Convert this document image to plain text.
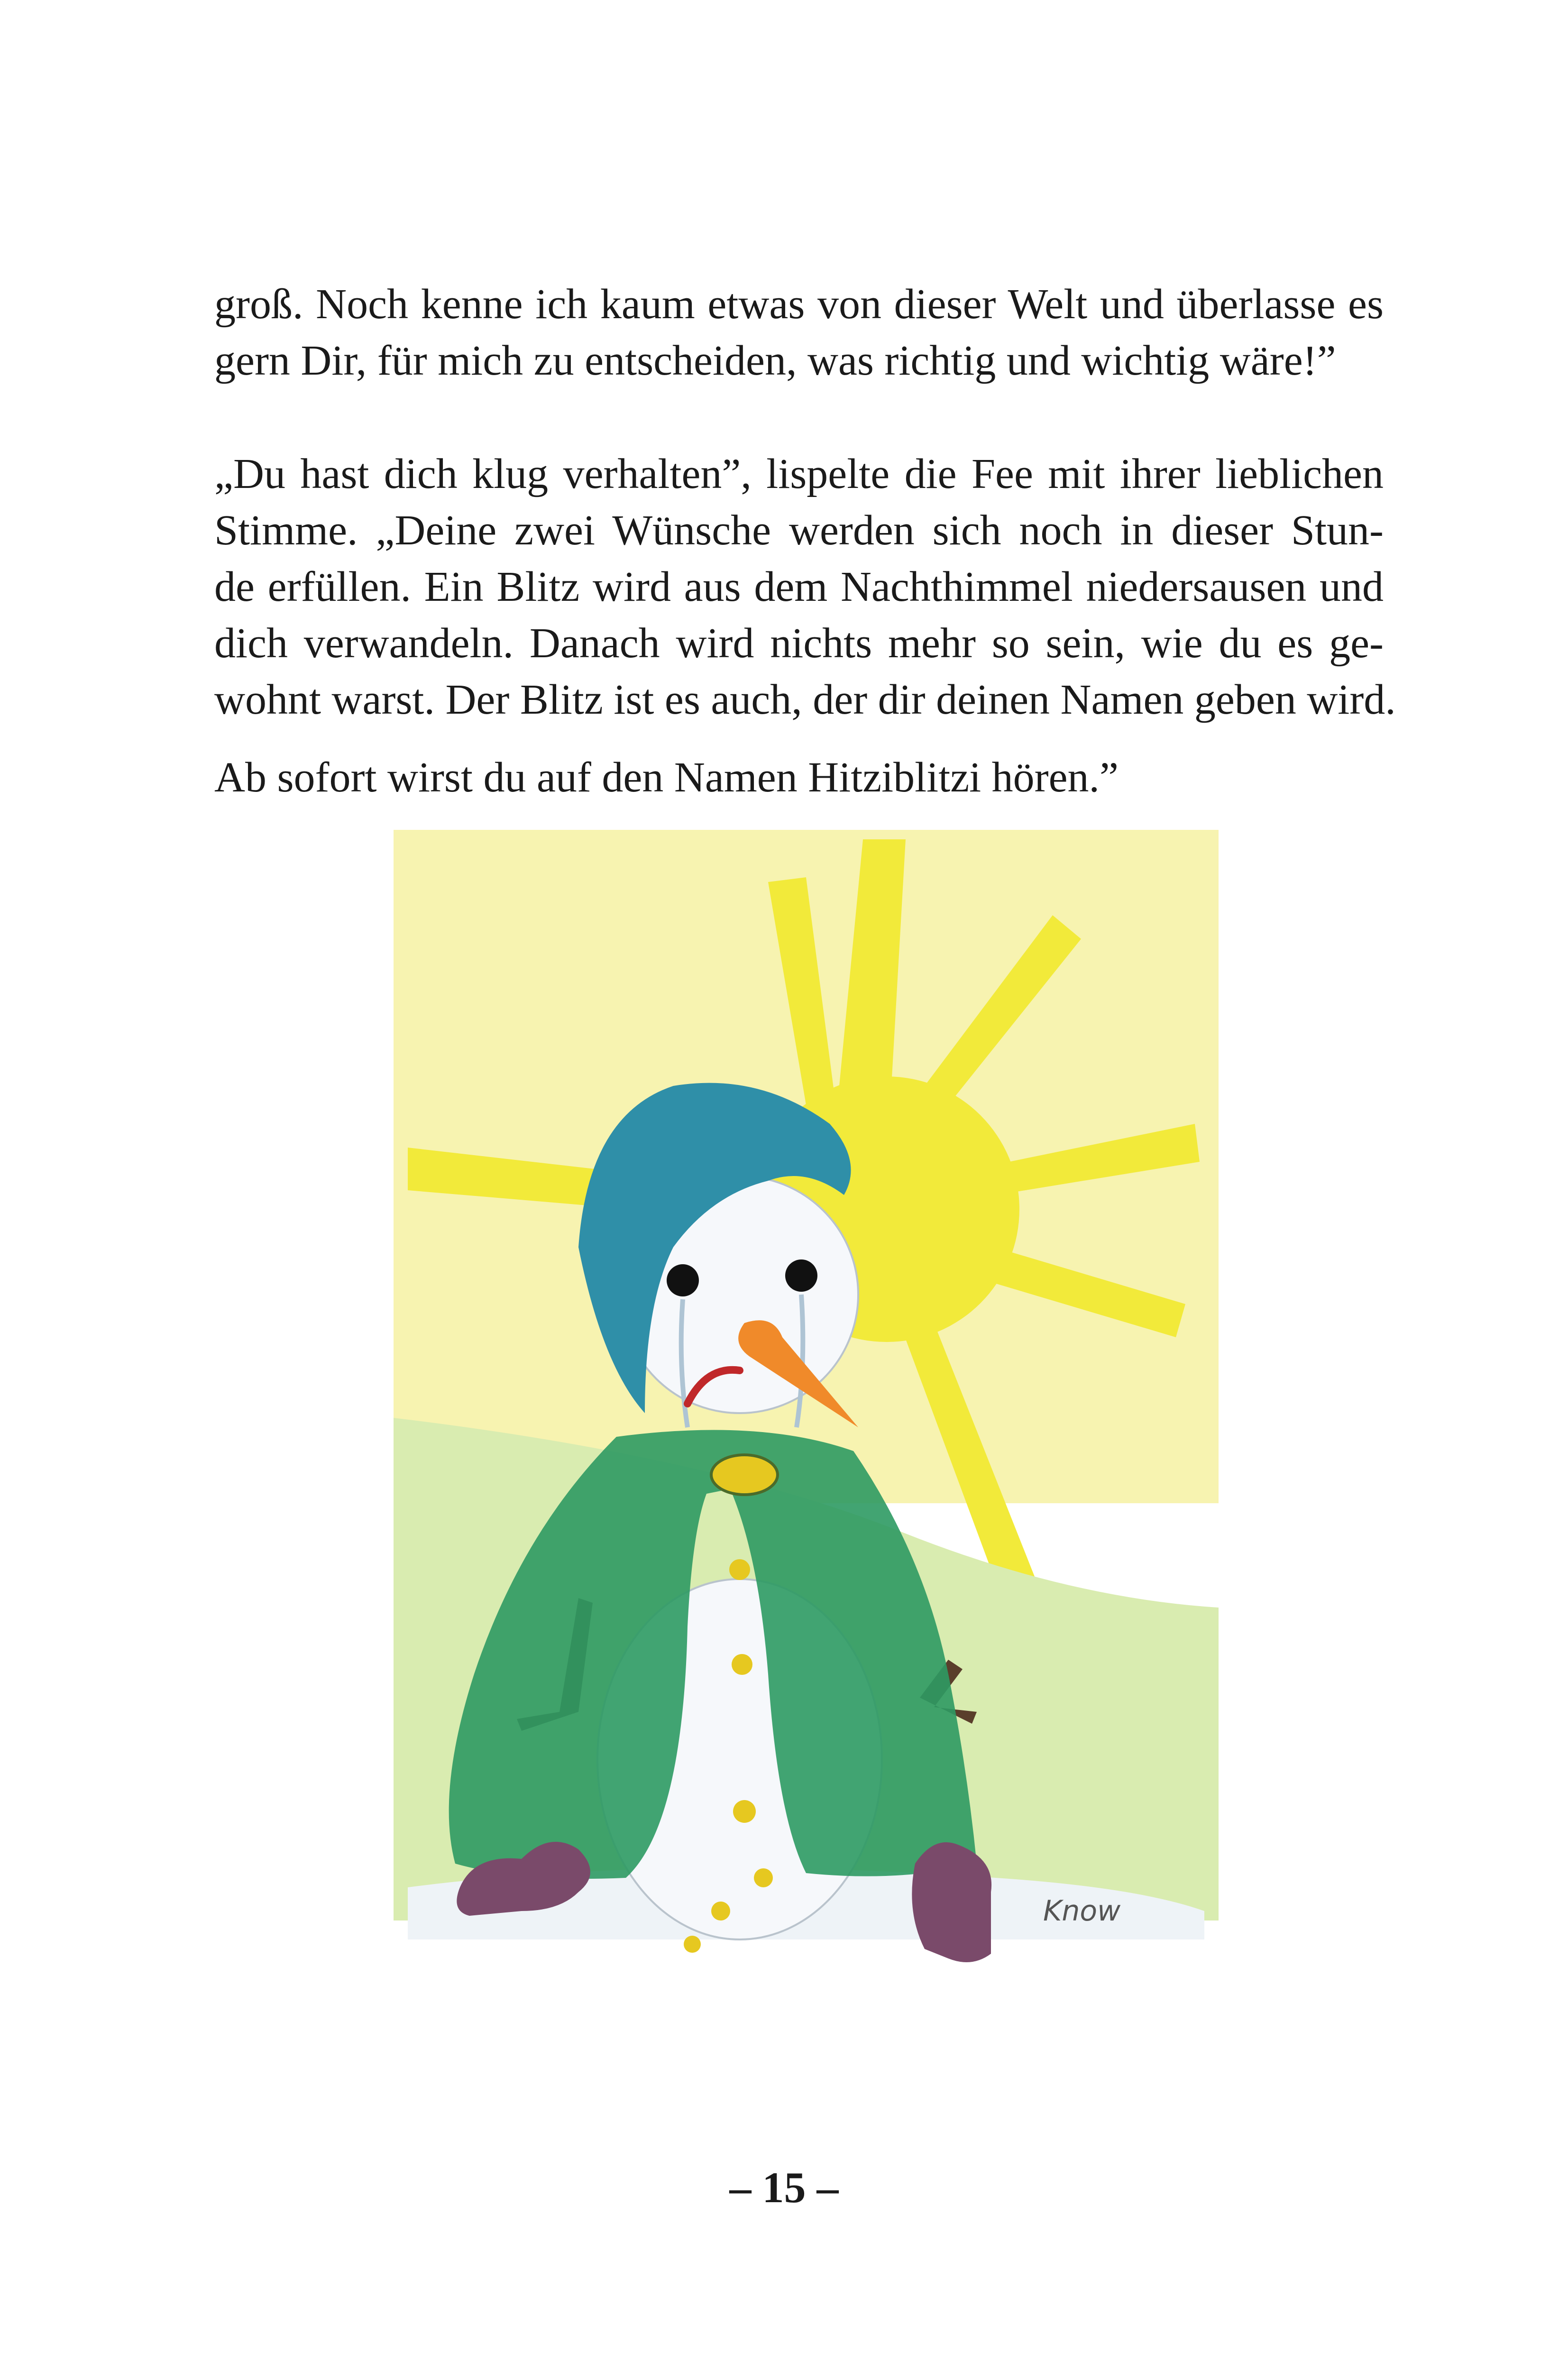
groß. Noch kenne ich kaum etwas von dieser Welt und überlasse es
gern Dir, für mich zu entscheiden, was richtig und wichtig wäre!”
„Du hast dich klug verhalten”, lispelte die Fee mit ihrer lieblichen
Stimme. „Deine zwei Wünsche werden sich noch in dieser Stun-
de erfüllen. Ein Blitz wird aus dem Nachthimmel niedersausen und
dich verwandeln. Danach wird nichts mehr so sein, wie du es ge-
wohnt warst. Der Blitz ist es auch, der dir deinen Namen geben wird.
Ab sofort wirst du auf den Namen Hitziblitzi hören.”
Know
– 15 –
